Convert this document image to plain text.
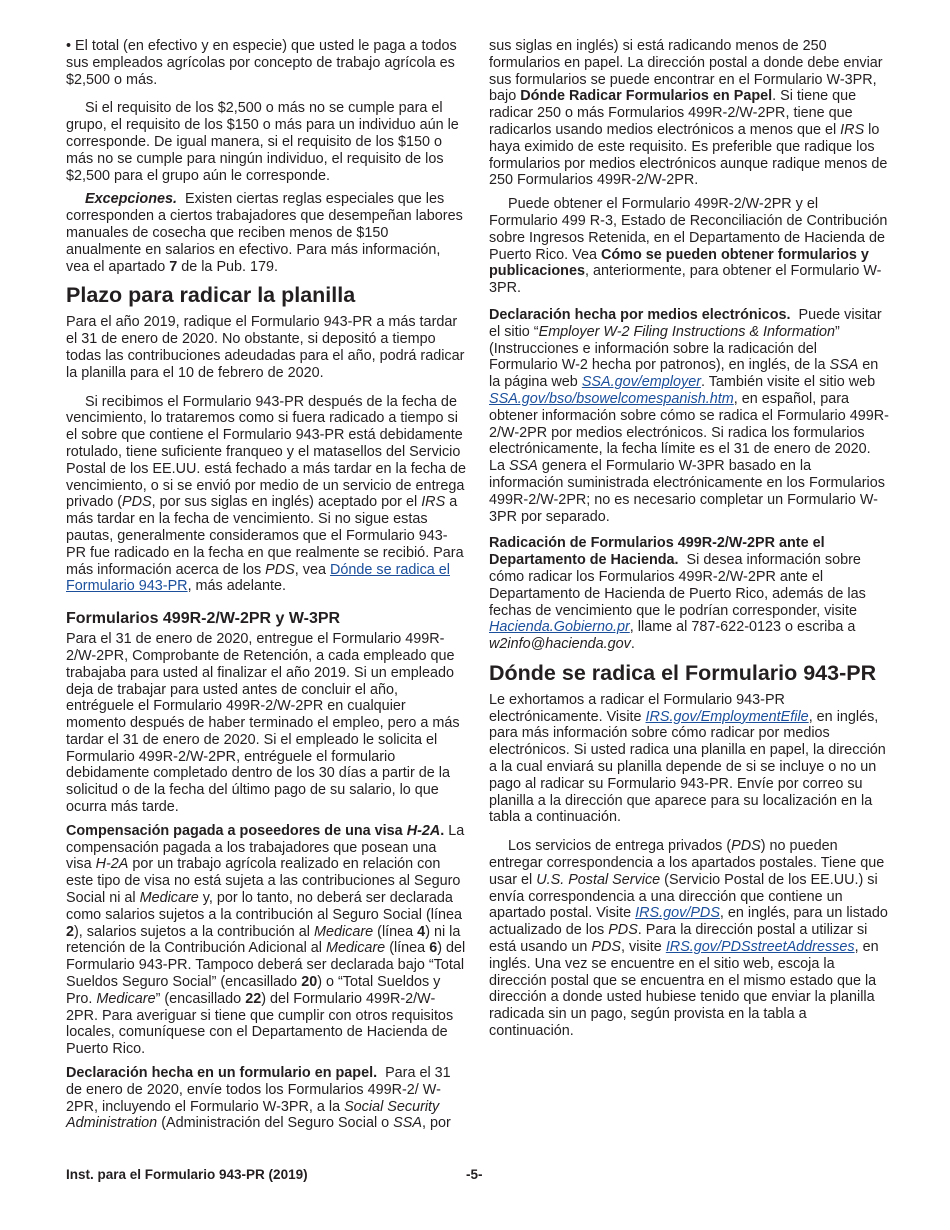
• El total (en efectivo y en especie) que usted le paga a todos sus empleados agrícolas por concepto de trabajo agrícola es $2,500 o más.

Si el requisito de los $2,500 o más no se cumple para el grupo, el requisito de los $150 o más para un individuo aún le corresponde. De igual manera, si el requisito de los $150 o más no se cumple para ningún individuo, el requisito de los $2,500 para el grupo aún le corresponde.

Excepciones. Existen ciertas reglas especiales que les corresponden a ciertos trabajadores que desempeñan labores manuales de cosecha que reciben menos de $150 anualmente en salarios en efectivo. Para más información, vea el apartado 7 de la Pub. 179.

Plazo para radicar la planilla

Para el año 2019, radique el Formulario 943-PR a más tardar el 31 de enero de 2020. No obstante, si depositó a tiempo todas las contribuciones adeudadas para el año, podrá radicar la planilla para el 10 de febrero de 2020.

Si recibimos el Formulario 943-PR después de la fecha de vencimiento, lo trataremos como si fuera radicado a tiempo si el sobre que contiene el Formulario 943-PR está debidamente rotulado, tiene suficiente franqueo y el matasellos del Servicio Postal de los EE.UU. está fechado a más tardar en la fecha de vencimiento, o si se envió por medio de un servicio de entrega privado (PDS, por sus siglas en inglés) aceptado por el IRS a más tardar en la fecha de vencimiento. Si no sigue estas pautas, generalmente consideramos que el Formulario 943-PR fue radicado en la fecha en que realmente se recibió. Para más información acerca de los PDS, vea Dónde se radica el Formulario 943-PR, más adelante.

Formularios 499R-2/W-2PR y W-3PR

Para el 31 de enero de 2020, entregue el Formulario 499R-2/W-2PR, Comprobante de Retención, a cada empleado que trabajaba para usted al finalizar el año 2019. Si un empleado deja de trabajar para usted antes de concluir el año, entréguele el Formulario 499R-2/W-2PR en cualquier momento después de haber terminado el empleo, pero a más tardar el 31 de enero de 2020. Si el empleado le solicita el Formulario 499R-2/W-2PR, entréguele el formulario debidamente completado dentro de los 30 días a partir de la solicitud o de la fecha del último pago de su salario, lo que ocurra más tarde.

Compensación pagada a poseedores de una visa H-2A. La compensación pagada a los trabajadores que posean una visa H-2A por un trabajo agrícola realizado en relación con este tipo de visa no está sujeta a las contribuciones al Seguro Social ni al Medicare y, por lo tanto, no deberá ser declarada como salarios sujetos a la contribución al Seguro Social (línea 2), salarios sujetos a la contribución al Medicare (línea 4) ni la retención de la Contribución Adicional al Medicare (línea 6) del Formulario 943-PR. Tampoco deberá ser declarada bajo “Total Sueldos Seguro Social” (encasillado 20) o “Total Sueldos y Pro. Medicare” (encasillado 22) del Formulario 499R-2/W-2PR. Para averiguar si tiene que cumplir con otros requisitos locales, comuníquese con el Departamento de Hacienda de Puerto Rico.

Declaración hecha en un formulario en papel. Para el 31 de enero de 2020, envíe todos los Formularios 499R-2/ W-2PR, incluyendo el Formulario W-3PR, a la Social Security Administration (Administración del Seguro Social o SSA, por

sus siglas en inglés) si está radicando menos de 250 formularios en papel. La dirección postal a donde debe enviar sus formularios se puede encontrar en el Formulario W-3PR, bajo Dónde Radicar Formularios en Papel. Si tiene que radicar 250 o más Formularios 499R-2/W-2PR, tiene que radicarlos usando medios electrónicos a menos que el IRS lo haya eximido de este requisito. Es preferible que radique los formularios por medios electrónicos aunque radique menos de 250 Formularios 499R-2/W-2PR.

Puede obtener el Formulario 499R-2/W-2PR y el Formulario 499 R-3, Estado de Reconciliación de Contribución sobre Ingresos Retenida, en el Departamento de Hacienda de Puerto Rico. Vea Cómo se pueden obtener formularios y publicaciones, anteriormente, para obtener el Formulario W-3PR.

Declaración hecha por medios electrónicos. Puede visitar el sitio “Employer W-2 Filing Instructions & Information” (Instrucciones e información sobre la radicación del Formulario W-2 hecha por patronos), en inglés, de la SSA en la página web SSA.gov/employer. También visite el sitio web SSA.gov/bso/bsowelcomespanish.htm, en español, para obtener información sobre cómo se radica el Formulario 499R-2/W-2PR por medios electrónicos. Si radica los formularios electrónicamente, la fecha límite es el 31 de enero de 2020. La SSA genera el Formulario W-3PR basado en la información suministrada electrónicamente en los Formularios 499R-2/W-2PR; no es necesario completar un Formulario W-3PR por separado.

Radicación de Formularios 499R-2/W-2PR ante el Departamento de Hacienda. Si desea información sobre cómo radicar los Formularios 499R-2/W-2PR ante el Departamento de Hacienda de Puerto Rico, además de las fechas de vencimiento que le podrían corresponder, visite Hacienda.Gobierno.pr, llame al 787-622-0123 o escriba a w2info@hacienda.gov.

Dónde se radica el Formulario 943-PR

Le exhortamos a radicar el Formulario 943-PR electrónicamente. Visite IRS.gov/EmploymentEfile, en inglés, para más información sobre cómo radicar por medios electrónicos. Si usted radica una planilla en papel, la dirección a la cual enviará su planilla depende de si se incluye o no un pago al radicar su Formulario 943-PR. Envíe por correo su planilla a la dirección que aparece para su localización en la tabla a continuación.

Los servicios de entrega privados (PDS) no pueden entregar correspondencia a los apartados postales. Tiene que usar el U.S. Postal Service (Servicio Postal de los EE.UU.) si envía correspondencia a una dirección que contiene un apartado postal. Visite IRS.gov/PDS, en inglés, para un listado actualizado de los PDS. Para la dirección postal a utilizar si está usando un PDS, visite IRS.gov/PDSstreetAddresses, en inglés. Una vez se encuentre en el sitio web, escoja la dirección postal que se encuentra en el mismo estado que la dirección a donde usted hubiese tenido que enviar la planilla radicada sin un pago, según provista en la tabla a continuación.

Inst. para el Formulario 943-PR (2019)	-5-
